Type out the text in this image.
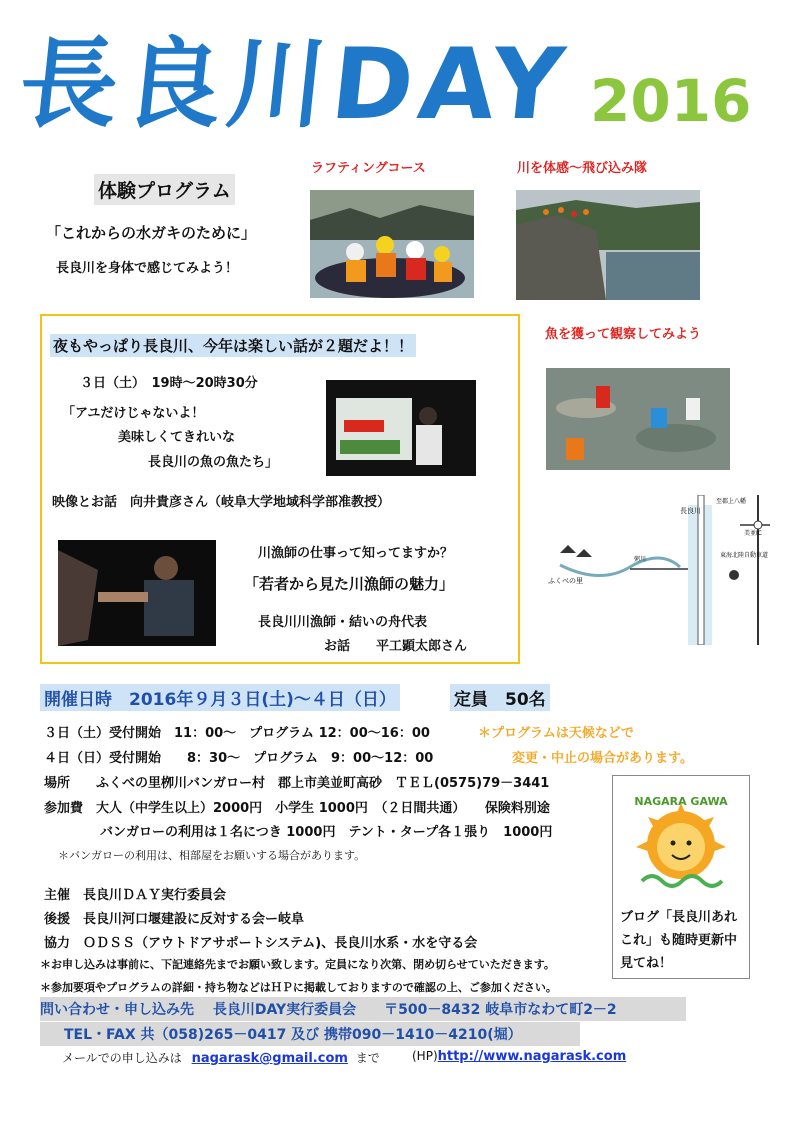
長良川DAY 2016
体験プログラム
「これからの水ガキのために」
長良川を身体で感じてみよう！
ラフティングコース	川を体感～飛び込み隊
魚を獲って観察してみよう
夜もやっぱり長良川、今年は楽しい話が２題だよ！！
３日（土）　19時～20時30分
「アユだけじゃないよ！
美味しくてきれいな
長良川の魚の魚たち」
映像とお話　向井貴彦さん（岐阜大学地域科学部准教授）
川漁師の仕事って知ってますか？
「若者から見た川漁師の魅力」
長良川川漁師・結いの舟代表
お話　　平工顕太郎さん
長良川
ふくべの里
至郡上八幡
美並IC
東海北陸自動車道
粥川
開催日時　2016年９月３日(土)～４日（日）	定員　50名
３日（土）受付開始　11：00～　プログラム 12：00～16：00	＊プログラムは天候などで
４日（日）受付開始　　8：30～　プログラム　9：00～12：00	変更・中止の場合があります。
場所　　ふくべの里栁川バンガロー村　郡上市美並町高砂　ＴＥＬ(0575)79－3441
参加費　大人（中学生以上）2000円　小学生 1000円　（２日間共通）　　保険料別途
バンガローの利用は１名につき 1000円　テント・タープ各１張り　1000円
＊バンガローの利用は、相部屋をお願いする場合があります。
主催　長良川ＤＡＹ実行委員会
後援　長良川河口堰建設に反対する会ー岐阜
協力　ＯＤＳＳ（アウトドアサポートシステム)、長良川水系・水を守る会
＊お申し込みは事前に、下記連絡先までお願い致します。定員になり次第、閉め切らせていただきます。
＊参加要項やプログラムの詳細・持ち物などはＨＰに掲載しておりますので確認の上、ご参加ください。
NAGARA GAWA
ブログ「長良川あれ
これ」も随時更新中
見てね！
問い合わせ・申し込み先　 長良川DAY実行委員会　　〒500－8432 岐阜市なわて町2－2
TEL・FAX 共（058)265－0417 及び 携帯090－1410－4210(堀）
メールでの申し込みは nagarask@gmail.com まで	(HP)http://www.nagarask.com
